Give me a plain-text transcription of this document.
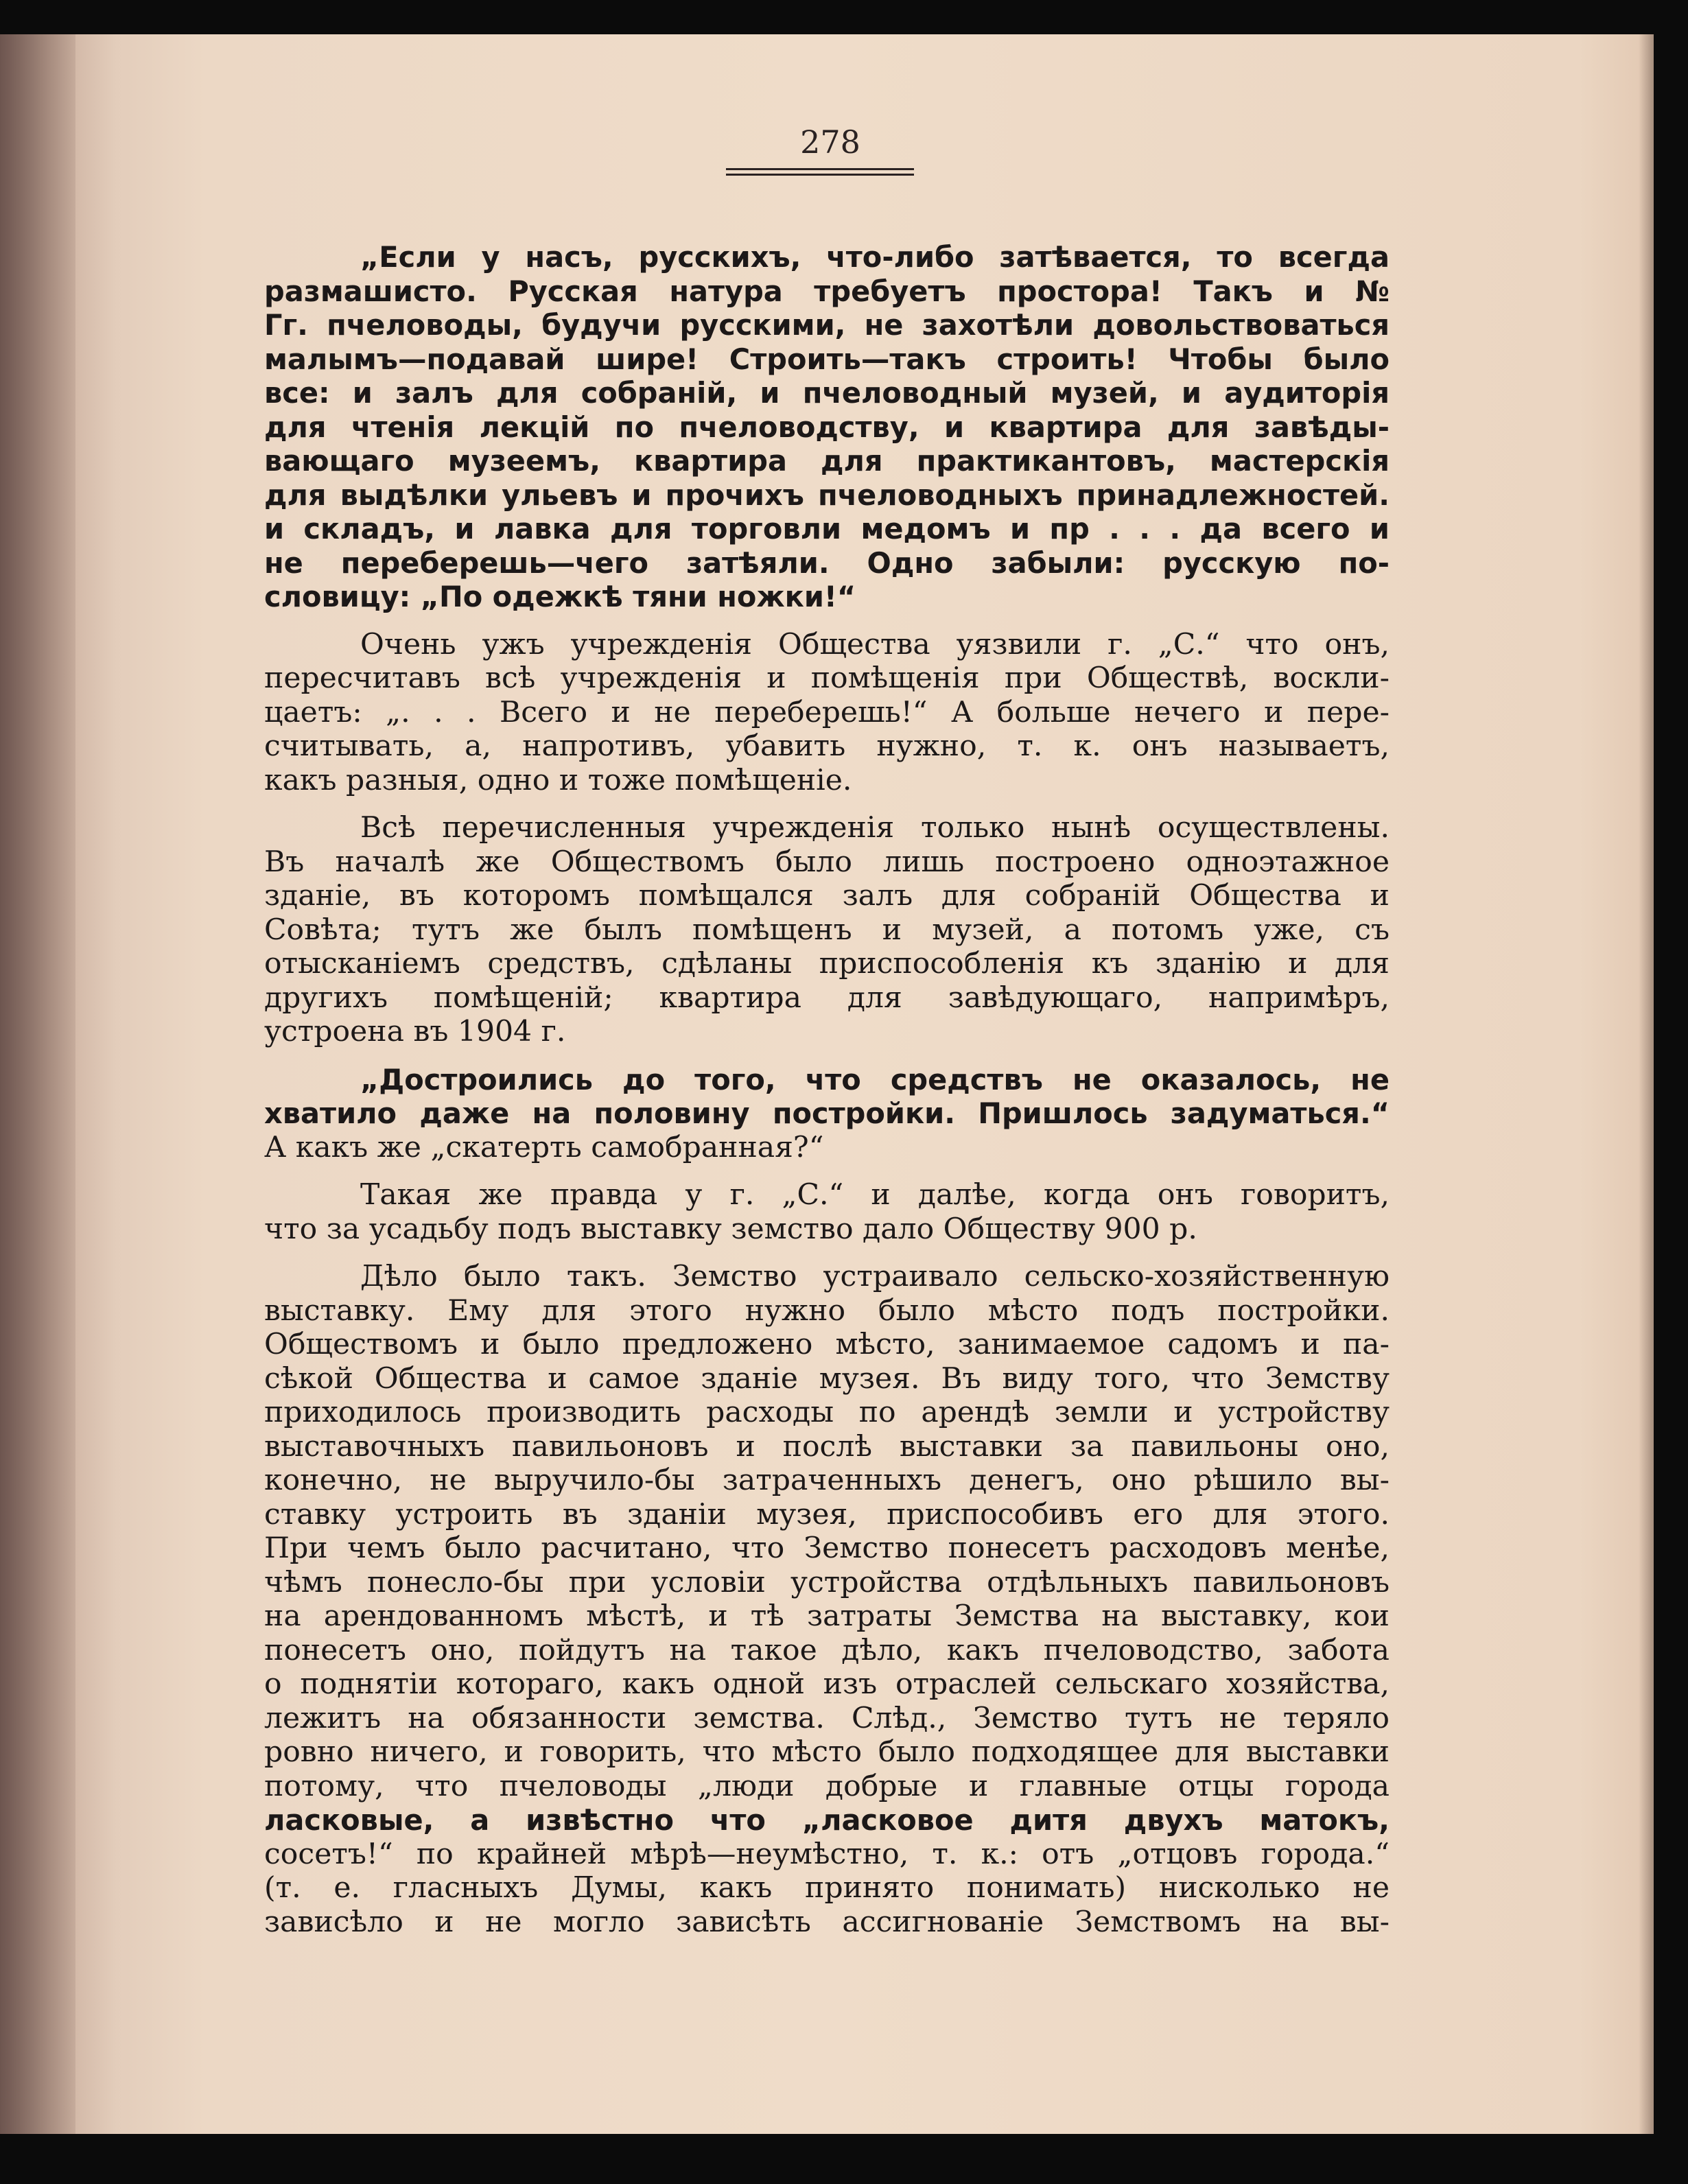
278
„Если у насъ, русскихъ, что-либо затѣвается, то всегда
размашисто. Русская натура требуетъ простора! Такъ и №
Гг. пчеловоды, будучи русскими, не захотѣли довольствоваться
малымъ—подавай шире! Строить—такъ строить! Чтобы было
все: и залъ для собранiй, и пчеловодный музей, и аудиторія
для чтенія лекцій по пчеловодству, и квартира для завѣды-
вающаго музеемъ, квартира для практикантовъ, мастерскія
для выдѣлки ульевъ и прочихъ пчеловодныхъ принадлежностей.
и складъ, и лавка для торговли медомъ и пр . . . да всего и
не переберешь—чего затѣяли. Одно забыли: русскую по-
словицу: „По одежкѣ тяни ножки!“
Очень ужъ учрежденія Общества уязвили г. „С.“ что онъ,
пересчитавъ всѣ учрежденія и помѣщенія при Обществѣ, воскли-
цаетъ: „. . . Всего и не переберешь!“ А больше нечего и пере-
считывать, а, напротивъ, убавить нужно, т. к. онъ называетъ,
какъ разныя, одно и тоже помѣщеніе.
Всѣ перечисленныя учрежденія только нынѣ осуществлены.
Въ началѣ же Обществомъ было лишь построено одноэтажное
зданіе, въ которомъ помѣщался залъ для собраній Общества и
Совѣта; тутъ же былъ помѣщенъ и музей, а потомъ уже, съ
отысканіемъ средствъ, сдѣланы приспособленія къ зданію и для
другихъ помѣщеній; квартира для завѣдующаго, напримѣръ,
устроена въ 1904 г.
„Достроились до того, что средствъ не оказалось, не
хватило даже на половину постройки. Пришлось задуматься.“
А какъ же „скатерть самобранная?“
Такая же правда у г. „С.“ и далѣе, когда онъ говоритъ,
что за усадьбу подъ выставку земство дало Обществу 900 р.
Дѣло было такъ. Земство устраивало сельско-хозяйственную
выставку. Ему для этого нужно было мѣсто подъ постройки.
Обществомъ и было предложено мѣсто, занимаемое садомъ и па-
сѣкой Общества и самое зданіе музея. Въ виду того, что Земству
приходилось производить расходы по арендѣ земли и устройству
выставочныхъ павильоновъ и послѣ выставки за павильоны оно,
конечно, не выручило-бы затраченныхъ денегъ, оно рѣшило вы-
ставку устроить въ зданіи музея, приспособивъ его для этого.
При чемъ было расчитано, что Земство понесетъ расходовъ менѣе,
чѣмъ понесло-бы при условіи устройства отдѣльныхъ павильоновъ
на арендованномъ мѣстѣ, и тѣ затраты Земства на выставку, кои
понесетъ оно, пойдутъ на такое дѣло, какъ пчеловодство, забота
о поднятіи котораго, какъ одной изъ отраслей сельскаго хозяйства,
лежитъ на обязанности земства. Слѣд., Земство тутъ не теряло
ровно ничего, и говорить, что мѣсто было подходящее для выставки
потому, что пчеловоды „люди добрые и главные отцы города
ласковые, а извѣстно что „ласковое дитя двухъ матокъ,
сосетъ!“ по крайней мѣрѣ—неумѣстно, т. к.: отъ „отцовъ города.“
(т. е. гласныхъ Думы, какъ принято понимать) нисколько не
зависѣло и не могло зависѣть ассигнованіе Земствомъ на вы-
